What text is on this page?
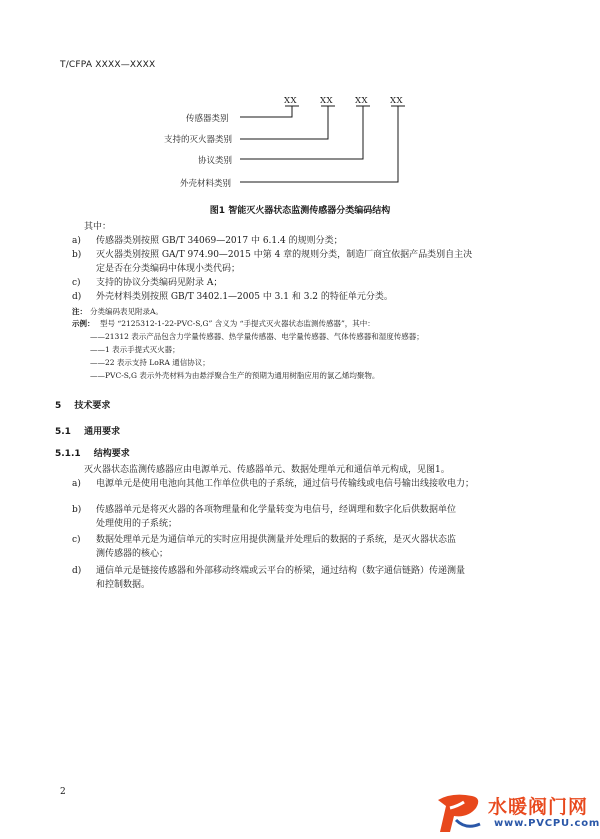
T/CFPA XXXX—XXXX
XX	XX	XX	XX
传感器类别
支持的灭火器类别
协议类别
外壳材料类别
图1 智能灭火器状态监测传感器分类编码结构
其中：
a) 传感器类别按照 GB/T 34069—2017 中 6.1.4 的规则分类；
b) 灭火器类别按照 GA/T 974.90—2015 中第 4 章的规则分类，制造厂商宜依据产品类别自主决
定是否在分类编码中体现小类代码；
c) 支持的协议分类编码见附录 A；
d) 外壳材料类别按照 GB/T 3402.1—2005 中 3.1 和 3.2 的特征单元分类。
注： 分类编码表见附录A。
示例： 型号 “2125312-1-22-PVC-S,G” 含义为 “手提式灭火器状态监测传感器”，其中：
——21312 表示产品包含力学量传感器、热学量传感器、电学量传感器、气体传感器和湿度传感器；
——1 表示手提式灭火器；
——22 表示支持 LoRA 通信协议；
——PVC-S,G 表示外壳材料为由悬浮聚合生产的预期为通用树脂应用的氯乙烯均聚物。
5 技术要求
5.1 通用要求
5.1.1 结构要求
灭火器状态监测传感器应由电源单元、传感器单元、数据处理单元和通信单元构成，见图1。
a) 电源单元是使用电池向其他工作单位供电的子系统，通过信号传输线或电信号输出线接收电力；
b) 传感器单元是将灭火器的各项物理量和化学量转变为电信号，经调理和数字化后供数据单位
处理使用的子系统；
c) 数据处理单元是为通信单元的实时应用提供测量并处理后的数据的子系统，是灭火器状态监
测传感器的核心；
d) 通信单元是链接传感器和外部移动终端或云平台的桥梁，通过结构（数字通信链路）传递测量
和控制数据。
2
水暖阀门网
www.PVCPU.com
